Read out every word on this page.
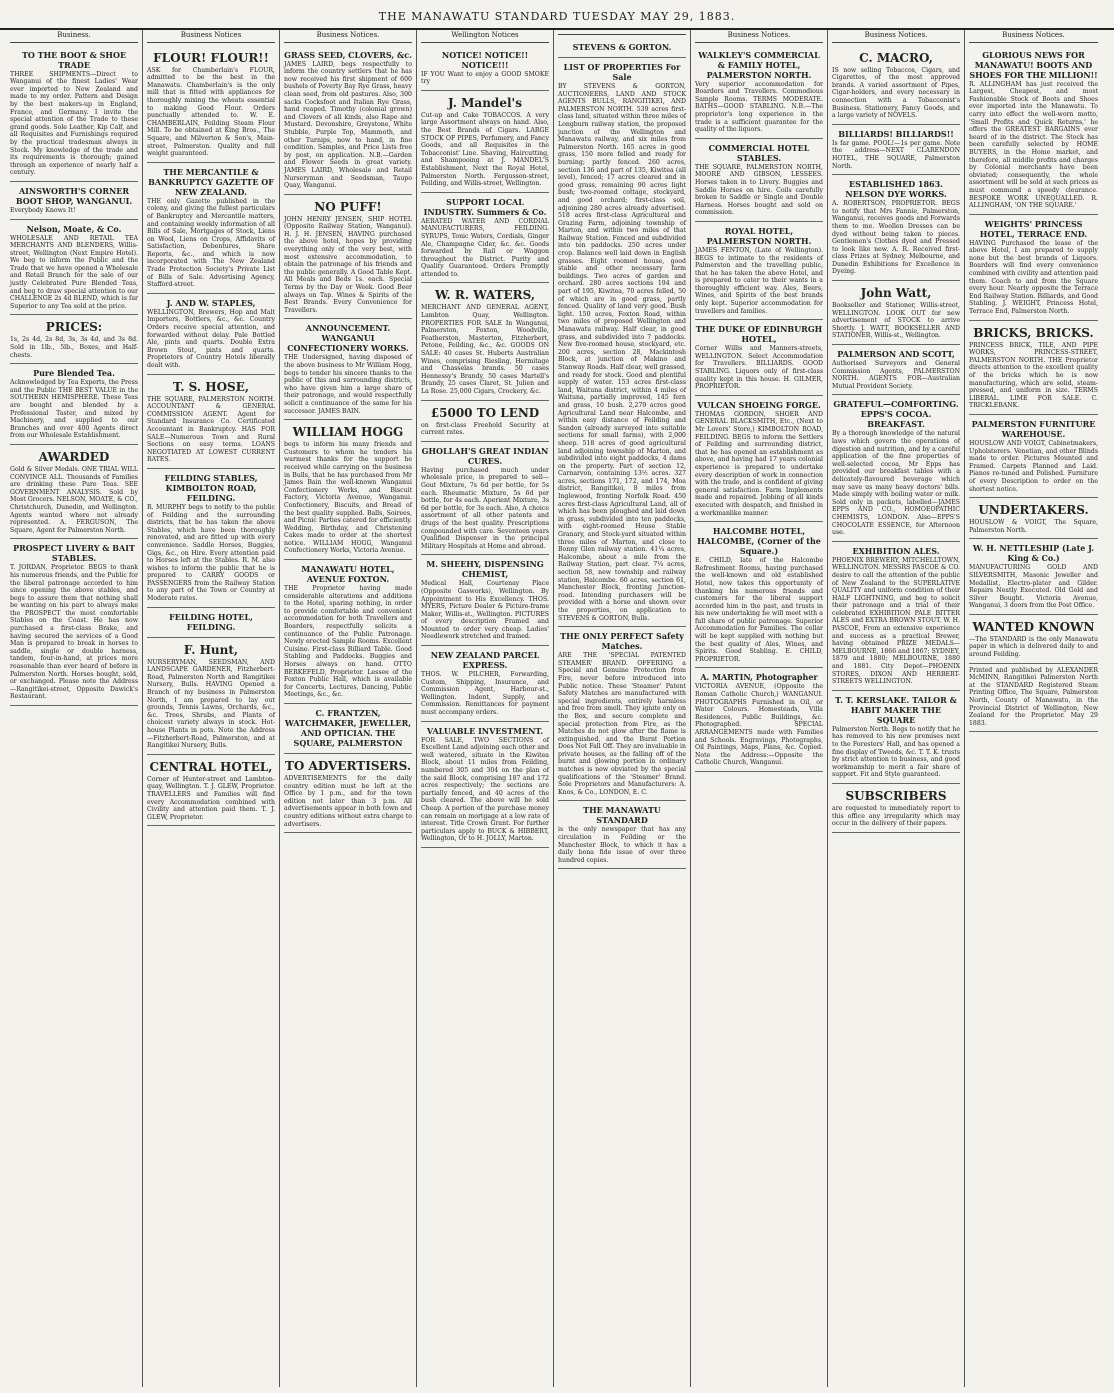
THE MANAWATU STANDARD TUESDAY MAY 29, 1883.
Business.
TO THE BOOT & SHOE TRADE
THREE SHIPMENTS—Direct to Wanganui of the finest Ladies' Wear ever imported to New Zealand and made to my order. Pattern and Design by the best makers-up in England, France, and Germany. I invite the special attention of the Trade to these grand goods. Sole Leather, Kip Calf, and all Requisites and Furnishings required by the practical tradesman always in Stock. My knowledge of the trade and its requirements is thorough; gained through an experience of nearly half a century.
AINSWORTH'S CORNER BOOT SHOP, WANGANUI.
Everybody Knows It!
Nelson, Moate, & Co.
WHOLESALE AND RETAIL TEA MERCHANTS AND BLENDERS, Willis-street, Wellington (Next Empire Hotel). We beg to inform the Public and the Trade that we have opened a Wholesale and Retail Branch for the sale of our justly Celebrated Pure Blended Teas, and beg to draw special attention to our CHALLENGE 2s 4d BLEND, which is far Superior to any Tea sold at the price.
PRICES:
1s, 2s 4d, 2s 8d, 3s, 3s 4d, and 3s 8d. Sold in 1lb., 5lb., Boxes, and Half-chests.
Pure Blended Tea.
Acknowledged by Tea Experts, the Press and the Public THE BEST VALUE in the SOUTHERN HEMISPHERE. These Teas are bought and blended by a Professional Taster, and mixed by Machinery, and supplied to our Branches and over 400 Agents direct from our Wholesale Establishment.
AWARDED
Gold & Silver Medals. ONE TRIAL WILL CONVINCE ALL. Thousands of Families are drinking these Pure Teas. SEE GOVERNMENT ANALYSIS. Sold by Most Grocers. NELSON, MOATE, & CO., Christchurch, Dunedin, and Wellington. Agents wanted where not already represented. A. FERGUSON, The Square, Agent for Palmerston North.
PROSPECT LIVERY & BAIT STABLES.
T. JORDAN, Proprietor. BEGS to thank his numerous friends, and the Public for the liberal patronage accorded to him since opening the above stables, and begs to assure them that nothing shall be wanting on his part to always make the PROSPECT the most comfortable Stables on the Coast. He has now purchased a first-class Brake, and having secured the services of a Good Man is prepared to break in horses to saddle, single or double harness, tandem, four-in-hand, at prices more reasonable than ever heard of before in Palmerston North. Horses bought, sold, or exchanged. Please note the Address—Rangitikei-street, Opposite Dawick's Restaurant.
Business Notices
FLOUR! FLOUR!!
ASK for Chamberlain's FLOUR, admitted to be the best in the Manawatu. Chamberlain's is the only mill that is fitted with appliances for thoroughly mixing the wheats essential to making Good Flour. Orders punctually attended to. W. E. CHAMBERLAIN, Feilding Steam Flour Mill. To be obtained at King Bros., The Square, and Milverton & Son's, Main-street, Palmerston. Quality and full weight guaranteed.
THE MERCANTILE & BANKRUPTCY GAZETTE OF NEW ZEALAND.
THE only Gazette published in the colony, and giving the fullest particulars of Bankruptcy and Mercantile matters, and containing weekly information of all Bills of Sale, Mortgages of Stock, Liens on Wool, Liens on Crops, Affidavits of Satisfaction, Debentures, Share Reports, &c., and which is now incorporated with The New Zealand Trade Protection Society's Private List of Bills of Sale. Advertising Agency, Stafford-street.
J. AND W. STAPLES,
WELLINGTON, Brewers, Hop and Malt Importers, Bottlers, &c., &c. Country Orders receive special attention, and forwarded without delay. Pale Bottled Ale, pints and quarts. Double Extra Brown Stout, pints and quarts. Proprietors of Country Hotels liberally dealt with.
T. S. HOSE,
THE SQUARE, PALMERSTON NORTH. ACCOUNTANT & GENERAL COMMISSION AGENT. Agent for Standard Insurance Co. Certificated Accountant in Bankruptcy. HAS FOR SALE—Numerous Town and Rural Sections on easy terms. LOANS NEGOTIATED AT LOWEST CURRENT RATES.
FEILDING STABLES, KIMBOLTON ROAD, FEILDING.
R. MURPHY begs to notify to the public of Feilding and the surrounding districts, that he has taken the above Stables, which have been thoroughly renovated, and are fitted up with every convenience. Saddle Horses, Buggies, Gigs, &c., on Hire. Every attention paid to Horses left at the Stables. R. M. also wishes to inform the public that he is prepared to CARRY GOODS or PASSENGERS from the Railway Station to any part of the Town or Country at Moderate rates.
FEILDING HOTEL, FEILDING.
F. Hunt,
NURSERYMAN, SEEDSMAN, AND LANDSCAPE GARDENER, Fitzherbert-Road, Palmerston North and Rangitikei Nursery, Bulls. HAVING Opened a Branch of my business in Palmerston North, I am prepared to lay out grounds, Tennis Lawns, Orchards, &c., &c. Trees, Shrubs, and Plants of choicest variety always in stock. Hot-house Plants in pots. Note the Address—Fitzherbert-Road, Palmerston, and at Rangitikei Nursery, Bulls.
CENTRAL HOTEL,
Corner of Hunter-street and Lambton-quay, Wellington. T. J. GLEW, Proprietor. TRAVELLERS and Families will find every Accommodation combined with Civility and attention paid them. T. J. GLEW, Proprietor.
Business Notices.
GRASS SEED, CLOVERS, &c.
JAMES LAIRD, begs respectfully to inform the country settlers that he has now received his first shipment of 600 bushels of Poverty Bay Rye Grass, heavy clean seed, from old pastures. Also, 300 sacks Cocksfoot and Italian Rye Grass, hand reaped. Timothy (colonial grown) and Clovers of all kinds, also Rape and Mustard. Devonshire, Greystone, White Stubble, Purple Top, Mammoth, and other Turnips, now to hand, in fine condition. Samples, and Price Lists free by post, on application. N.B.—Garden and Flower Seeds in great variety. JAMES LAIRD, Wholesale and Retail Nurseryman and Seedsman, Taupo Quay, Wanganui.
NO PUFF!
JOHN HENRY JENSEN, SHIP HOTEL (Opposite Railway Station, Wanganui). H. J. H. JENSEN, HAVING purchased the above hotel, hopes by providing everything only of the very best, with most extensive accommodation, to obtain the patronage of his friends and the public generally. A Good Table Kept. All Meals and Beds 1s. each. Special Terms by the Day or Week. Good Beer always on Tap. Wines & Spirits of the Best Brands. Every Convenience for Travellers.
ANNOUNCEMENT. WANGANUI CONFECTIONERY WORKS.
THE Undersigned, having disposed of the above business to Mr William Hogg, begs to tender his sincere thanks to the public of this and surrounding districts, who have given him a large share of their patronage, and would respectfully solicit a continuance of the same for his successor. JAMES BAIN.
WILLIAM HOGG
begs to inform his many friends and Customers to whom he tenders his warmest thanks for the support he received while carrying on the business in Bulls, that he has purchased from Mr James Bain the well-known Wanganui Confectionery Works, and Biscuit Factory, Victoria Avenue, Wanganui. Confectionery, Biscuits, and Bread of the best quality supplied. Balls, Soirees, and Picnic Parties catered for efficiently. Wedding, Birthday, and Christening Cakes made to order at the shortest notice. WILLIAM HOGG, Wanganui Confectionery Works, Victoria Avenue.
MANAWATU HOTEL, AVENUE FOXTON.
THE Proprietor having made considerable alterations and additions to the Hotel, sparing nothing, in order to provide comfortable and convenient accommodation for both Travellers and Boarders, respectfully solicits a continuance of the Public Patronage. Newly erected Sample Rooms. Excellent Cuisine. First-class Billiard Table. Good Stabling and Paddocks. Buggies and Horses always on hand. OTTO BERKEFELD, Proprietor. Lessee of the Foxton Public Hall, which is available for Concerts, Lectures, Dancing, Public Meetings, &c., &c.
C. FRANTZEN, WATCHMAKER, JEWELLER, AND OPTICIAN. THE SQUARE, PALMERSTON
TO ADVERTISERS.
ADVERTISEMENTS for the daily country edition must be left at the Office by 1 p.m., and for the town edition not later than 3 p.m. All advertisements appear in both town and country editions without extra charge to advertisers.
Wellington Notices
NOTICE! NOTICE!! NOTICE!!!
IF YOU Want to enjoy a GOOD SMOKE try
J. Mandel's
Cut-up and Cake TOBACCOS. A very large Assortment always on hand. Also, the Best Brands of Cigars. LARGE STOCK OF PIPES, Perfumery, and Fancy Goods, and all Requisites in the Tobacconist' Line. Shaving, Haircutting, and Shampooing at J. MANDEL'S Establishment, Next the Royal Hotel, Palmerston North. Fergusson-street, Feilding, and Willis-street, Wellington.
SUPPORT LOCAL INDUSTRY. Summers & Co.
AERATED WATER AND CORDIAL MANUFACTURERS, FEILDING. SYRUPS, Tonic Waters, Cordials, Ginger Ale, Champagne Cider, &c. &c. Goods forwarded by Rail or Waggon throughout the District. Purity and Quality Guaranteed. Orders Promptly attended to.
W. R. WATERS,
MERCHANT AND GENERAL AGENT, Lambton Quay, Wellington. PROPERTIES FOR SALE In Wanganui, Palmerston, Foxton, Woodville, Featherston, Masterton, Fitzherbert, Petone, Feilding, &c., &c. GOODS ON SALE: 40 cases St. Huberts Australian Wines, comprising Riesling, Hermitage and Chasselas brands. 50 cases Hennessy's Brandy, 50 cases Martell's Brandy, 25 cases Claret, St. Julien and La Rose. 25,000 Cigars, Crockery, &c.
£5000 TO LEND
on first-class Freehold Security at current rates.
GHOLLAH'S GREAT INDIAN CURES.
Having purchased much under wholesale price, is prepared to sell—Gout Mixture, 7s 6d per bottle, for 5s each. Rheumatic Mixture, 5s 6d per bottle, for 4s each. Aperient Mixture, 3s 6d per bottle, for 3s each. Also, A choice assortment of all other patents and drugs of the best quality. Prescriptions compounded with care. Seventeen years Qualified Dispenser in the principal Military Hospitals at Home and abroad.
M. SHEEHY, DISPENSING CHEMIST,
Medical Hall, Courtenay Place (Opposite Gasworks), Wellington. By Appointment to His Excellency. THOS. MYERS, Picture Dealer & Picture-frame Maker, Willis-st., Wellington. PICTURES of every description Framed and Mounted to order very cheap. Ladies' Needlework stretched and framed.
NEW ZEALAND PARCEL EXPRESS.
THOS. W. PILCHER, Forwarding, Custom, Shipping, Insurance, and Commission Agent, Harbour-st., Wellington. Indent, Supply, and Commission. Remittances for payment must accompany orders.
VALUABLE INVESTMENT.
FOR SALE, TWO SECTIONS of Excellent Land adjoining each other and well watered, situate in the Kiwitea Block, about 11 miles from Feilding, numbered 305 and 304 on the plan of the said Block, comprising 187 and 172 acres respectively; the sections are partially fenced, and 40 acres of the bush cleared. The above will be sold Cheap. A portion of the purchase money can remain on mortgage at a low rate of interest. Title Crown Grant. For further particulars apply to BUCK & HIBBERT, Wellington, Or to H. JOLLY, Marton.
STEVENS & GORTON.
LIST OF PROPERTIES For Sale
BY STEVENS & GORTON, AUCTIONEERS, LAND AND STOCK AGENTS BULLS, RANGITIKEI, AND PALMERSTON NORTH. 539 acres first-class land, situated within three miles of Longburn railway station, the proposed junction of the Wellington and Manawatu railway, and six miles from Palmerston North. 165 acres in good grass, 150 more felled and ready for burning; partly fenced. 260 acres, section 136 and part of 135, Kiwitea (all level), fenced; 17 acres cleared and in good grass, remaining 90 acres light bush; two-roomed cottage, stockyard, and good orchard; first-class soil, adjoining 280 acres already advertised. 518 acres first-class Agricultural and Grazing Farm, adjoining township of Marton, and within two miles of that Railway Station. Fenced and subdivided into ten paddocks. 250 acres under crop. Balance well laid down in English grasses. Eight roomed house, good stable and other necessary farm buildings. Two acres of garden and orchard. 280 acres sections 194 and part of 195, Kiwitea, 70 acres felled, 50 of which are in good grass, partly fenced. Quality of land very good. Bush light. 150 acres, Foxton Road, within two miles of proposed Wellington and Manawatu railway. Half clear, in good grass, and subdivided into 7 paddocks. New five-roomed house, stockyard, etc. 200 acres, section 28, Mackintosh Block, at junction of Makino and Stanway Roads. Half clear, well grassed, and ready for stock. Good and plentiful supply of water. 153 acres first-class land, Waituna district, within 4 miles of Waituna, partially improved, 145 fern and grass, 10 bush. 2,279 acres good Agricultural Land near Halcombe, and within easy distance of Feilding and Sandon (already surveyed into suitable sections for small farms), with 2,000 sheep. 518 acres of good agricultural land adjoining township of Marton, and subdivided into eight paddocks, 4 dams on the property. Part of section 12, Carnarvon, containing 13½ acres. 327 acres, sections 171, 172, and 174, Moa district, Rangitikei, 8 miles from Inglewood, fronting Norfolk Road. 450 acres first-class Agricultural Land, all of which has been ploughed and laid down in grass, subdivided into ten paddocks, with eight-roomed House Stable Granary, and Stock-yard situated within three miles of Marton, and close to Bonny Glen railway station. 41¼ acres, Halcombe, about a mile from the Railway Station, part clear. 7¼ acres, section 58, new township and railway station, Halcombe. 60 acres, section 61, Manchester Block, fronting Junction-road. Intending purchasers will be provided with a horse and shown over the properties, on application to STEVENS & GORTON, Bulls.
THE ONLY PERFECT Safety Matches.
ARE THE 'SPECIAL PATENTED STEAMER' BRAND. OFFERING a Special and Genuine Protection from Fire, never before introduced into Public notice. These 'Steamer' Patent Safety Matches are manufactured with special ingredients, entirely harmless and free from smell. They ignite only on the Box, and secure complete and special protection from Fire, as the Matches do not glow after the flame is extinguished, and the Burnt Portion Does Not Fall Off. They are invaluable in private houses, as the falling off of the burnt and glowing portion in ordinary matches is now obviated by the special qualifications of the 'Steamer' Brand. Sole Proprietors and Manufacturers: A. Knos, & Co., LONDON, E. C.
THE MANAWATU STANDARD
is the only newspaper that has any circulation in Feilding or the Manchester Block, to which it has a daily bona fide issue of over three hundred copies.
Business Notices.
WALKLEY'S COMMERCIAL & FAMILY HOTEL, PALMERSTON NORTH.
Very superior accommodation for Boarders and Travellers. Commodious Sample Rooms. TERMS MODERATE. BATHS—GOOD STABLING. N.B.—The proprietor's long experience in the trade is a sufficient guarantee for the quality of the liquors.
COMMERCIAL HOTEL STABLES.
THE SQUARE, PALMERSTON NORTH, MOORE AND GIBSON, LESSEES. Horses taken in to Livery. Buggies and Saddle Horses on hire. Coils carefully broken to Saddle or Single and Double Harness. Horses bought and sold on commission.
ROYAL HOTEL, PALMERSTON NORTH.
JAMES FENTON, (Late of Wellington). BEGS to intimate to the residents of Palmerston and the travelling public, that he has taken the above Hotel, and is prepared to cater to their wants in a thoroughly efficient way. Ales, Beers, Wines, and Spirits of the best brands only kept. Superior accommodation for travellers and families.
THE DUKE OF EDINBURGH HOTEL,
Corner Willis and Manners-streets, WELLINGTON. Select Accommodation for Travellers. BILLIARDS. GOOD STABLING. Liquors only of first-class quality kept in this house. H. GILMER, PROPRIETOR.
VULCAN SHOEING FORGE.
THOMAS GORDON, SHOER AND GENERAL BLACKSMITH, Etc., (Next to Mr Lovers' Store,) KIMBOLTON ROAD, FEILDING. BEGS to inform the Settlers of Feilding and surrounding district, that he has opened an establishment as above, and having had 17 years colonial experience is prepared to undertake every description of work in connection with the trade, and is confident of giving general satisfaction. Farm Implements made and repaired. Jobbing of all kinds executed with despatch, and finished in a workmanlike manner.
HALCOMBE HOTEL, HALCOMBE, (Corner of the Square.)
E. CHILD, late of the Halcombe Refreshment Rooms, having purchased the well-known and old established Hotel, now takes this opportunity of thanking his numerous friends and customers for the liberal support accorded him in the past, and trusts in his new undertaking he will meet with a full share of public patronage. Superior Accommodation for Families. The cellar will be kept supplied with nothing but the best quality of Ales, Wines, and Spirits. Good Stabling. E. CHILD, PROPRIETOR.
A. MARTIN, Photographer
VICTORIA AVENUE, (Opposite the Roman Catholic Church,) WANGANUI. PHOTOGRAPHS Furnished in Oil, or Water Colours. Homesteads, Villa Residences, Public Buildings, &c. Photographed. SPECIAL ARRANGEMENTS made with Families and Schools. Engravings, Photographs, Oil Paintings, Maps, Plans, &c. Copied. Note the Address:—Opposite the Catholic Church, Wanganui.
Business Notices.
C. MACRO,
IS now selling Tobaccos, Cigars, and Cigarettes, of the most approved brands. A varied assortment of Pipes, Cigar-holders, and every necessary in connection with a Tobacconist's Business. Stationery, Fancy Goods, and a large variety of NOVELS.
BILLIARDS! BILLIARDS!!
Is far game. POOL!—1s per game. Note the address—NEXT CLARENDON HOTEL, THE SQUARE, Palmerston North.
ESTABLISHED 1863. NELSON DYE WORKS.
A. ROBERTSON, PROPRIETOR. BEGS to notify that Mrs Fannie, Palmerston, Wanganui, receives goods and Forwards them to me. Woollen Dresses can be dyed without being taken to pieces. Gentlemen's Clothes dyed and Pressed to look like new. A. R. Received first-class Prizes at Sydney, Melbourne, and Dunedin Exhibitions for Excellence in Dyeing.
John Watt,
Bookseller and Stationer, Willis-street, WELLINGTON. LOOK OUT for new advertisement of STOCK to arrive Shortly. J. WATT, BOOKSELLER AND STATIONER, Willis-st., Wellington.
PALMERSON AND SCOTT,
Authorised Surveyors and General Commission Agents, PALMERSTON NORTH. AGENTS FOR—Australian Mutual Provident Society.
GRATEFUL—COMFORTING. EPPS'S COCOA. BREAKFAST.
By a thorough knowledge of the natural laws which govern the operations of digestion and nutrition, and by a careful application of the fine properties of well-selected cocoa, Mr Epps has provided our breakfast tables with a delicately-flavoured beverage which may save us many heavy doctors' bills. Made simply with boiling water or milk. Sold only in packets, labelled—JAMES EPPS AND CO., HOMOEOPATHIC CHEMISTS, LONDON. Also—EPPS'S CHOCOLATE ESSENCE, for Afternoon use.
EXHIBITION ALES.
PHOENIX BREWERY, MITCHELLTOWN, WELLINGTON. MESSRS PASCOE & CO. desire to call the attention of the public of New Zealand to the SUPERLATIVE QUALITY and uniform condition of their HALF LIGHTNING, and beg to solicit their patronage and a trial of their celebrated EXHIBITION PALE BITTER ALES and EXTRA BROWN STOUT. W. H. PASCOE, From an extensive experience and success as a practical Brewer, having obtained PRIZE MEDALS—MELBOURNE, 1866 and 1867; SYDNEY, 1879 and 1880; MELBOURNE, 1880 and 1881. City Depot—PHOENIX STORES, DIXON AND HERBERT-STREETS WELLINGTON.
T. T. KERSLAKE. TAILOR & HABIT MAKER THE SQUARE
Palmerston North. Begs to notify that he has removed to his new premises next to the Foresters' Hall, and has opened a fine display of Tweeds, &c. T. T. K. trusts by strict attention to business, and good workmanship to merit a fair share of support. Fit and Style guaranteed.
SUBSCRIBERS
are requested to immediately report to this office any irregularity which may occur in the delivery of their papers.
Business Notices.
GLORIOUS NEWS FOR MANAWATU! BOOTS AND SHOES FOR THE MILLION!!
R. ALLINGHAM has just received the Largest, Cheapest, and most Fashionable Stock of Boots and Shoes ever imported into the Manawatu. To carry into effect the well-worn motto, 'Small Profits and Quick Returns,' he offers the GREATEST BARGAINS ever heard of in the district. The Stock has been carefully selected by HOME BUYERS, in the Home market, and therefore, all middle profits and charges by Colonial merchants have been obviated; consequently, the whole assortment will be sold at such prices as must command a speedy clearance. BESPOKE WORK UNEQUALLED. R. ALLINGHAM, 'ON THE SQUARE.'
WEIGHTS' PRINCESS HOTEL, TERRACE END.
HAVING Purchased the lease of the above Hotel, I am prepared to supply none but the best brands of Liquors. Boarders will find every convenience combined with civility and attention paid them. Coach to and from the Square every hour. Nearly opposite the Terrace End Railway Station. Billiards, and Good Stabling. J. WEIGHT, Princess Hotel, Terrace End, Palmerston North.
BRICKS, BRICKS.
PRINCESS BRICK, TILE, AND PIPE WORKS, PRINCESS-STREET, PALMERSTON NORTH. THE Proprietor directs attention to the excellent quality of the bricks which he is now manufacturing, which are solid, steam-pressed, and uniform in size. TERMS LIBERAL. LIME FOR SALE. C. TRICKLEBANK.
PALMERSTON FURNITURE WAREHOUSE.
HOUSLOW AND VOIGT, Cabinetmakers, Upholsterers. Venetian, and other Blinds made to order. Pictures Mounted and Framed. Carpets Planned and Laid. Pianos re-tuned and Polished. Furniture of every Description to order on the shortest notice.
UNDERTAKERS.
HOUSLOW & VOIGT, The Square, Palmerston North.
W. H. NETTLESHIP (Late J. King & Co.)
MANUFACTURING GOLD AND SILVERSMITH, Masonic Jeweller and Medallist, Electro-plater and Gilder. Repairs Neatly Executed. Old Gold and Silver Bought. Victoria Avenue, Wanganui, 3 doors from the Post Office.
WANTED KNOWN
—The STANDARD is the only Manawatu paper in which is delivered daily to and around Feilding.
Printed and published by ALEXANDER McMINN, Rangitikei Palmerston North at the STANDARD Registered Steam Printing Office, The Square, Palmerston North, County of Manawatu, in the Provincial District of Wellington, New Zealand for the Proprietor. May 29 1883.
